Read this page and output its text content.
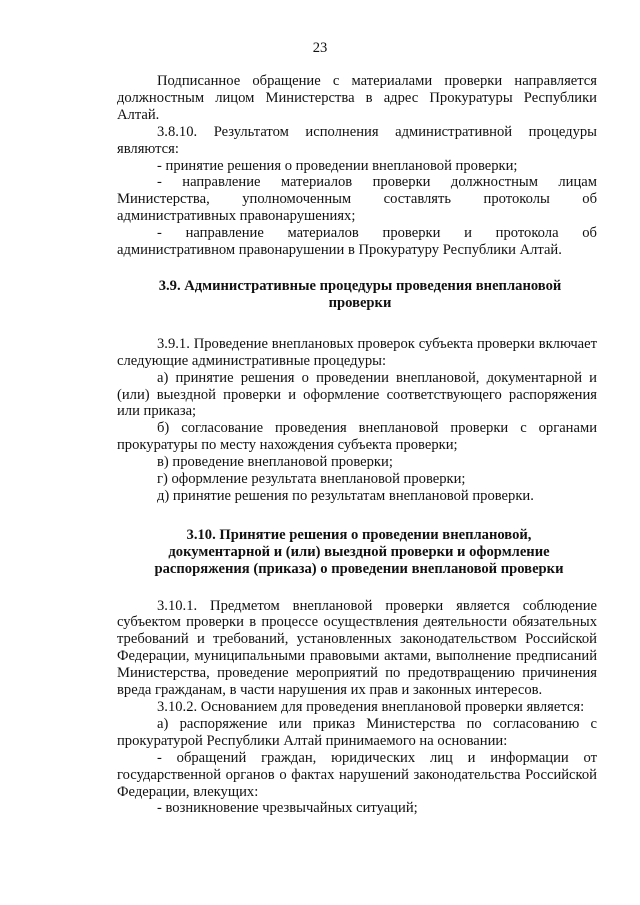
23

Подписанное обращение с материалами проверки направляется должностным лицом Министерства в адрес Прокуратуры Республики Алтай.

3.8.10. Результатом исполнения административной процедуры являются:

- принятие решения о проведении внеплановой проверки;

- направление материалов проверки должностным лицам Министерства, уполномоченным составлять протоколы об административных правонарушениях;

- направление материалов проверки и протокола об административном правонарушении в Прокуратуру Республики Алтай.

3.9. Административные процедуры проведения внеплановой
проверки

3.9.1. Проведение внеплановых проверок субъекта проверки включает следующие административные процедуры:

а) принятие решения о проведении внеплановой, документарной и (или) выездной проверки и оформление соответствующего распоряжения или приказа;

б) согласование проведения внеплановой проверки с органами прокуратуры по месту нахождения субъекта проверки;

в) проведение внеплановой проверки;

г) оформление результата внеплановой проверки;

д) принятие решения по результатам внеплановой проверки.

3.10. Принятие решения о проведении внеплановой,
документарной и (или) выездной проверки и оформление
распоряжения (приказа) о проведении внеплановой проверки

3.10.1. Предметом внеплановой проверки является соблюдение субъектом проверки в процессе осуществления деятельности обязательных требований и требований, установленных законодательством Российской Федерации, муниципальными правовыми актами, выполнение предписаний Министерства, проведение мероприятий по предотвращению причинения вреда гражданам, в части нарушения их прав и законных интересов.

3.10.2. Основанием для проведения внеплановой проверки является:

а) распоряжение или приказ Министерства по согласованию с прокуратурой Республики Алтай принимаемого на основании:

- обращений граждан, юридических лиц и информации от государственной органов о фактах нарушений законодательства Российской Федерации, влекущих:

- возникновение чрезвычайных ситуаций;
